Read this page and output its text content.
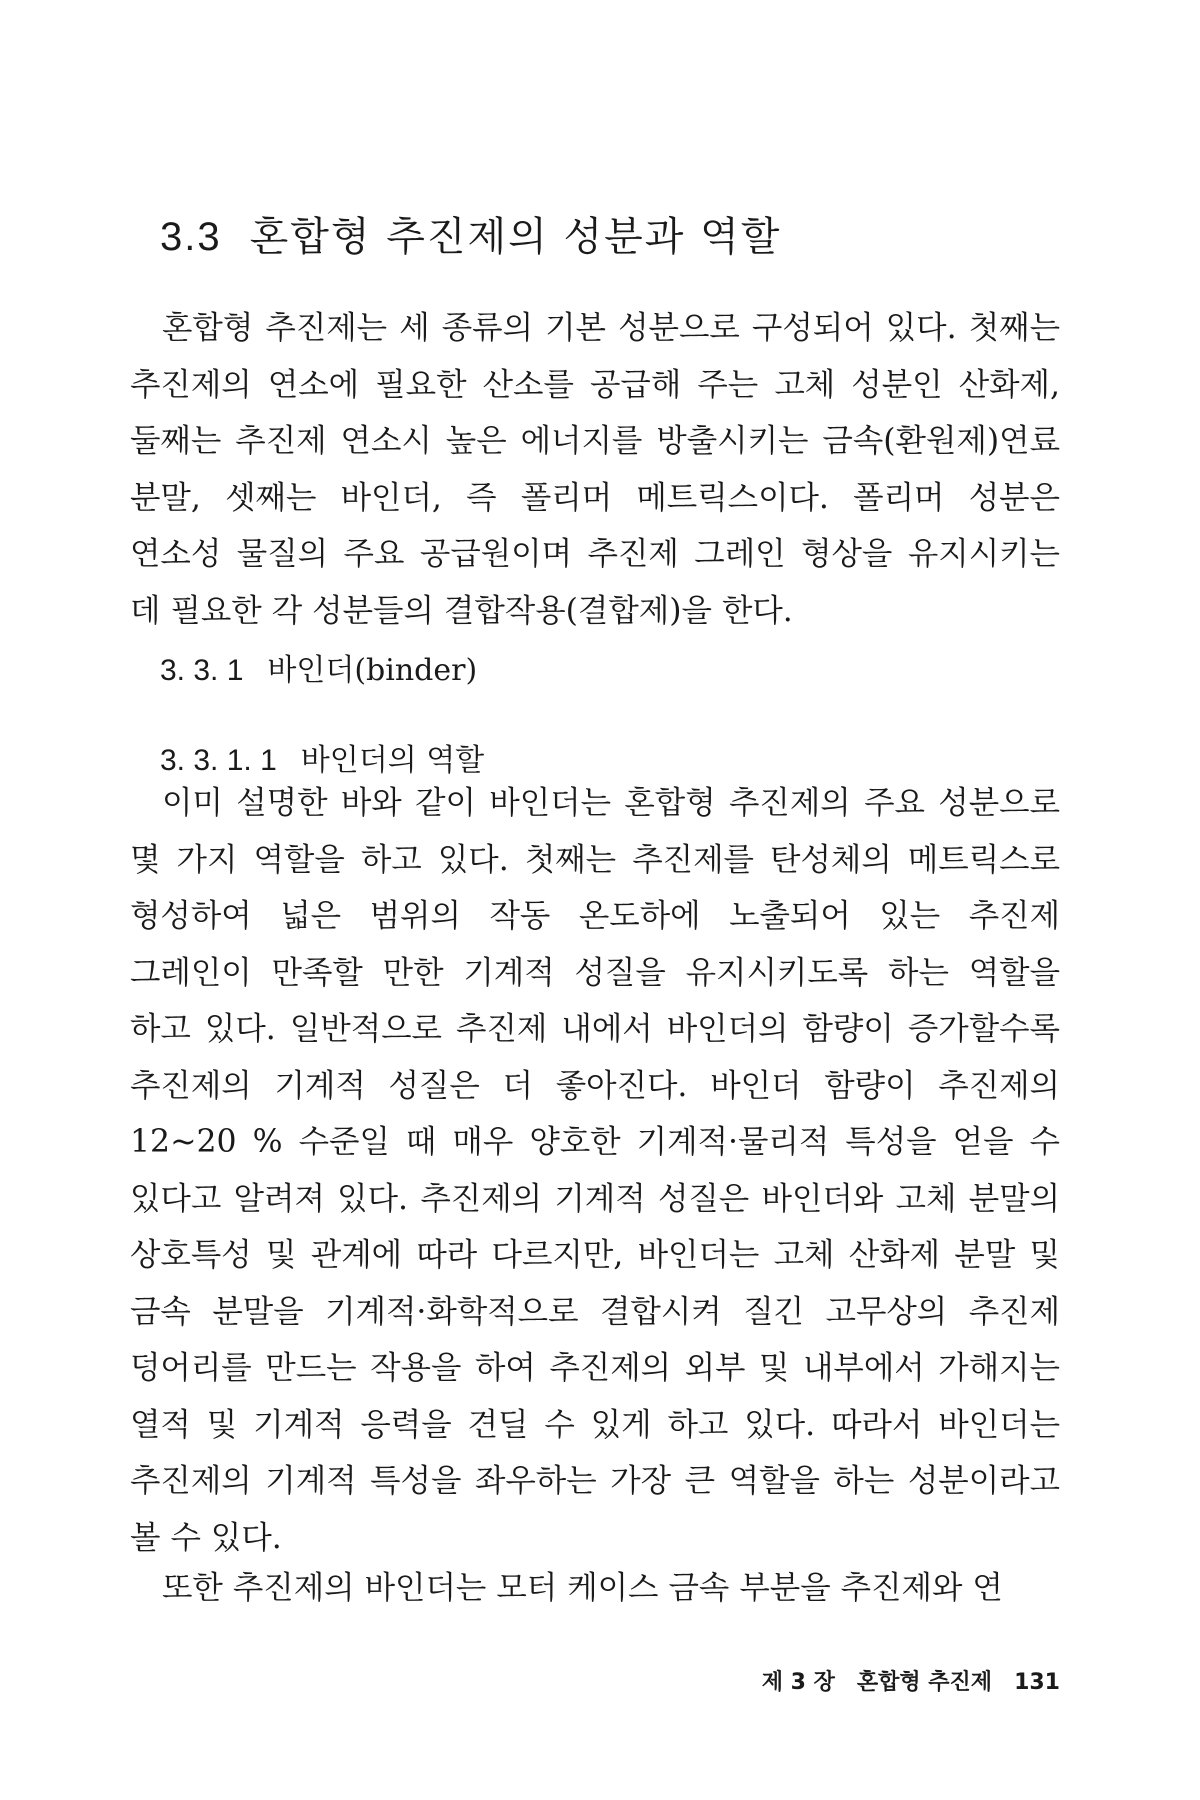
3.3 혼합형 추진제의 성분과 역할

혼합형 추진제는 세 종류의 기본 성분으로 구성되어 있다. 첫째는 추진제의 연소에 필요한 산소를 공급해 주는 고체 성분인 산화제, 둘째는 추진제 연소시 높은 에너지를 방출시키는 금속(환원제)연료 분말, 셋째는 바인더, 즉 폴리머 메트릭스이다. 폴리머 성분은 연소성 물질의 주요 공급원이며 추진제 그레인 형상을 유지시키는 데 필요한 각 성분들의 결합작용(결합제)을 한다.

3. 3. 1 바인더(binder)
3. 3. 1. 1 바인더의 역할

이미 설명한 바와 같이 바인더는 혼합형 추진제의 주요 성분으로 몇 가지 역할을 하고 있다. 첫째는 추진제를 탄성체의 메트릭스로 형성하여 넓은 범위의 작동 온도하에 노출되어 있는 추진제 그레인이 만족할 만한 기계적 성질을 유지시키도록 하는 역할을 하고 있다. 일반적으로 추진제 내에서 바인더의 함량이 증가할수록 추진제의 기계적 성질은 더 좋아진다. 바인더 함량이 추진제의 12~20 % 수준일 때 매우 양호한 기계적·물리적 특성을 얻을 수 있다고 알려져 있다. 추진제의 기계적 성질은 바인더와 고체 분말의 상호특성 및 관계에 따라 다르지만, 바인더는 고체 산화제 분말 및 금속 분말을 기계적·화학적으로 결합시켜 질긴 고무상의 추진제 덩어리를 만드는 작용을 하여 추진제의 외부 및 내부에서 가해지는 열적 및 기계적 응력을 견딜 수 있게 하고 있다. 따라서 바인더는 추진제의 기계적 특성을 좌우하는 가장 큰 역할을 하는 성분이라고 볼 수 있다.

제 3 장 혼합형 추진제 131

또한 추진제의 바인더는 모터 케이스 금속 부분을 추진제와 연
